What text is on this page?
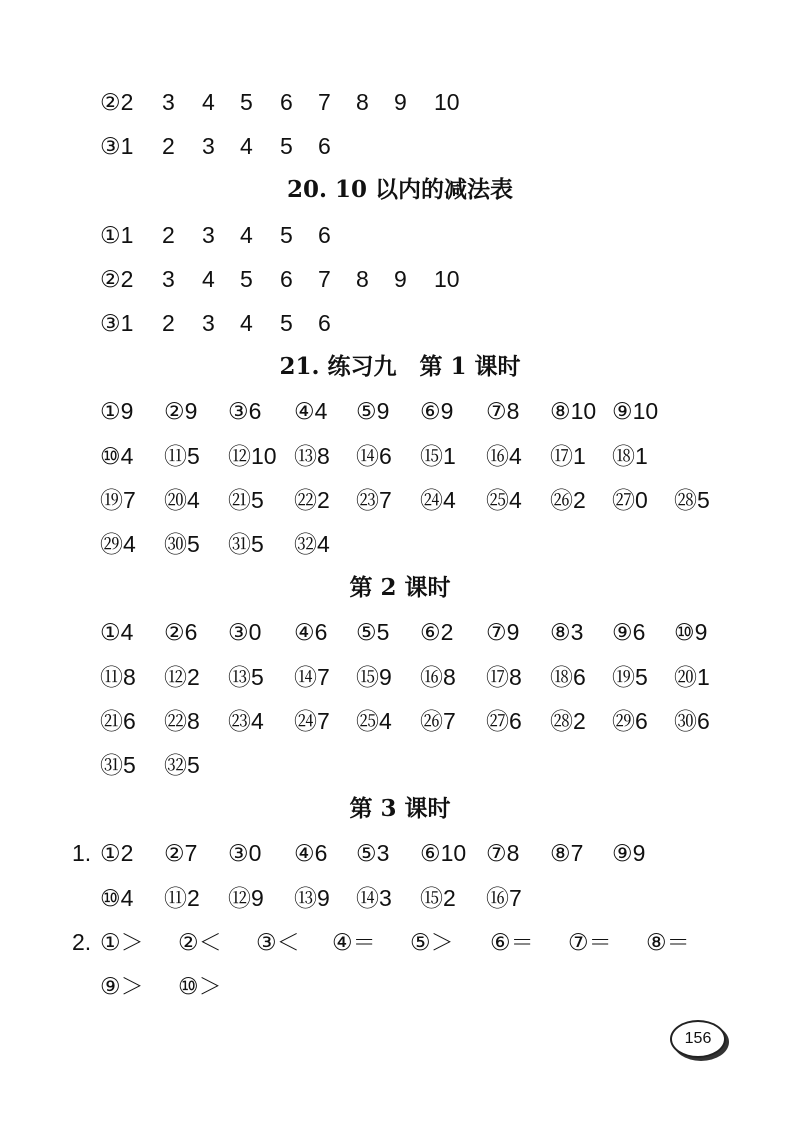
②2 3 4 5 6 7 8 9 10
③1 2 3 4 5 6
20. 10 以内的减法表
①1 2 3 4 5 6
②2 3 4 5 6 7 8 9 10
③1 2 3 4 5 6
21. 练习九　第 1 课时
①9 ②9 ③6 ④4 ⑤9 ⑥9 ⑦8 ⑧10 ⑨10
⑩4 ⑪5 ⑫10 ⑬8 ⑭6 ⑮1 ⑯4 ⑰1 ⑱1
⑲7 ⑳4 ㉑5 ㉒2 ㉓7 ㉔4 ㉕4 ㉖2 ㉗0 ㉘5
㉙4 ㉚5 ㉛5 ㉜4
第 2 课时
①4 ②6 ③0 ④6 ⑤5 ⑥2 ⑦9 ⑧3 ⑨6 ⑩9
⑪8 ⑫2 ⑬5 ⑭7 ⑮9 ⑯8 ⑰8 ⑱6 ⑲5 ⑳1
㉑6 ㉒8 ㉓4 ㉔7 ㉕4 ㉖7 ㉗6 ㉘2 ㉙6 ㉚6
㉛5 ㉜5
第 3 课时
1. ①2 ②7 ③0 ④6 ⑤3 ⑥10 ⑦8 ⑧7 ⑨9
⑩4 ⑪2 ⑫9 ⑬9 ⑭3 ⑮2 ⑯7
2. ①＞ ②＜ ③＜ ④＝ ⑤＞ ⑥＝ ⑦＝ ⑧＝
⑨＞ ⑩＞
156
